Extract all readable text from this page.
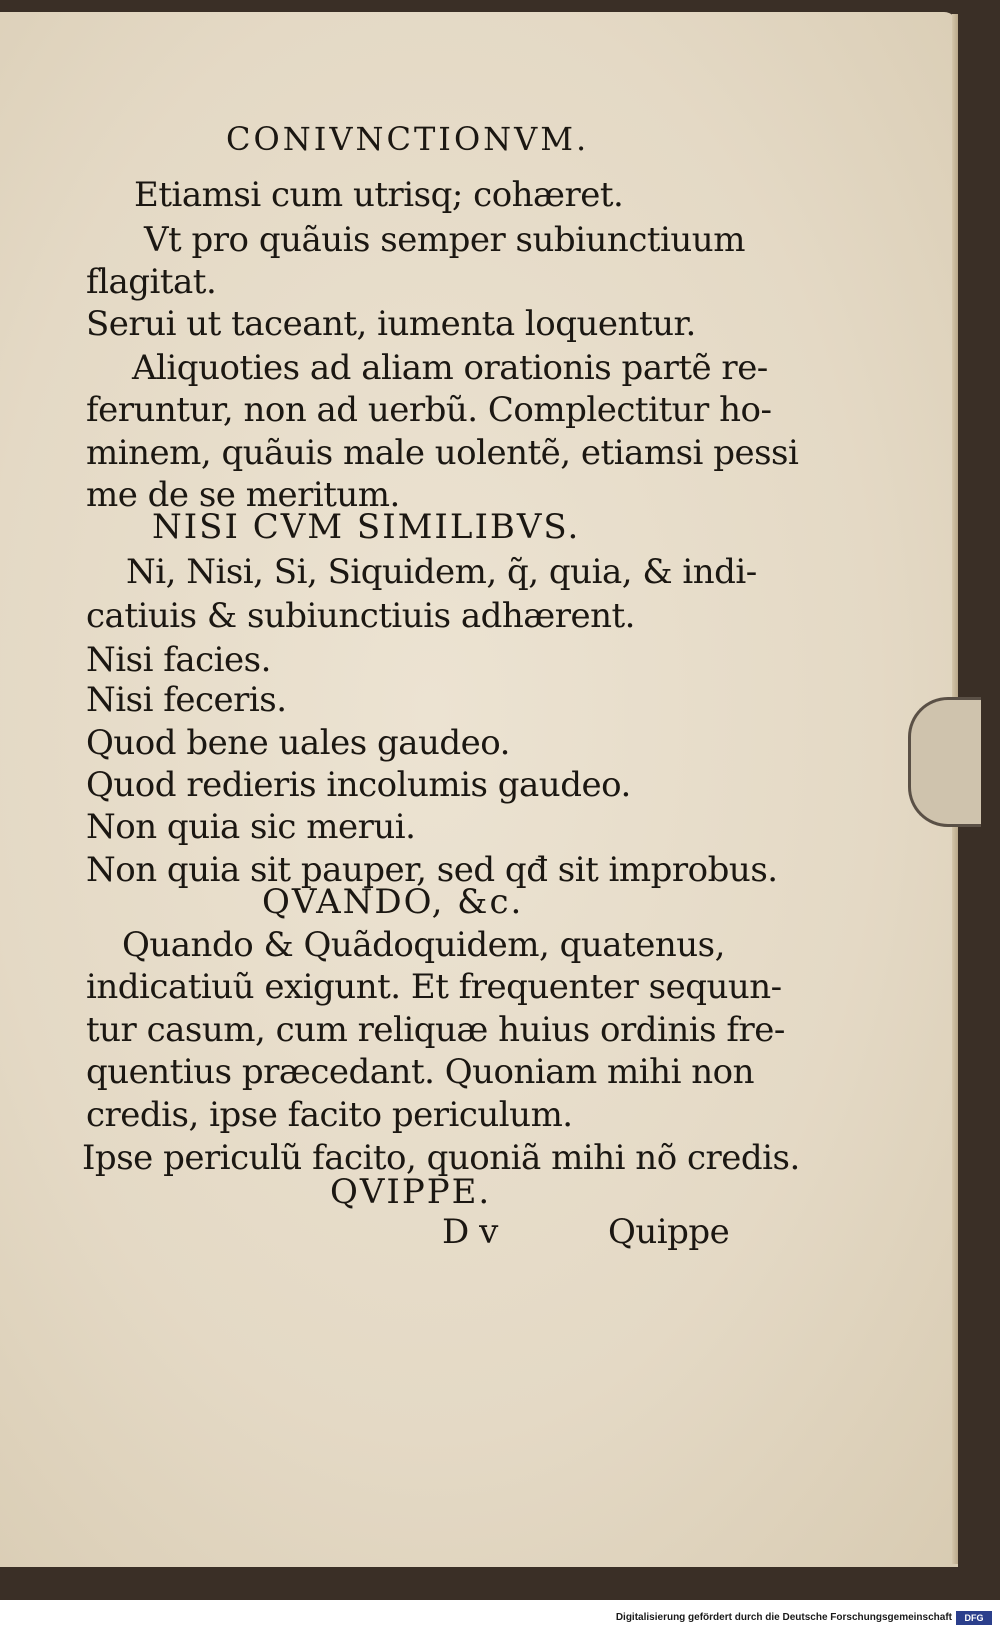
CONIVNCTIONVM.
Etiamsi cum utrisq; cohæret.
Vt pro quãuis semper subiunctiuum
flagitat.
Serui ut taceant, iumenta loquentur.
Aliquoties ad aliam orationis partẽ re-
feruntur, non ad uerbũ. Complectitur ho-
minem, quãuis male uolentẽ, etiamsi pessi
me de se meritum.
NISI CVM SIMILIBVS.
Ni, Nisi, Si, Siquidem, q̃, quia, & indi-
catiuis & subiunctiuis adhærent.
Nisi facies.
Nisi feceris.
Quod bene uales gaudeo.
Quod redieris incolumis gaudeo.
Non quia sic merui.
Non quia sit pauper, sed qđ sit improbus.
QVANDO, &c.
Quando & Quãdoquidem, quatenus,
indicatiuũ exigunt. Et frequenter sequun-
tur casum, cum reliquæ huius ordinis fre-
quentius præcedant. Quoniam mihi non
credis, ipse facito periculum.
Ipse periculũ facito, quoniã mihi nõ credis.
QVIPPE.
D v	Quippe
Digitalisierung gefördert durch die Deutsche Forschungsgemeinschaft	DFG
